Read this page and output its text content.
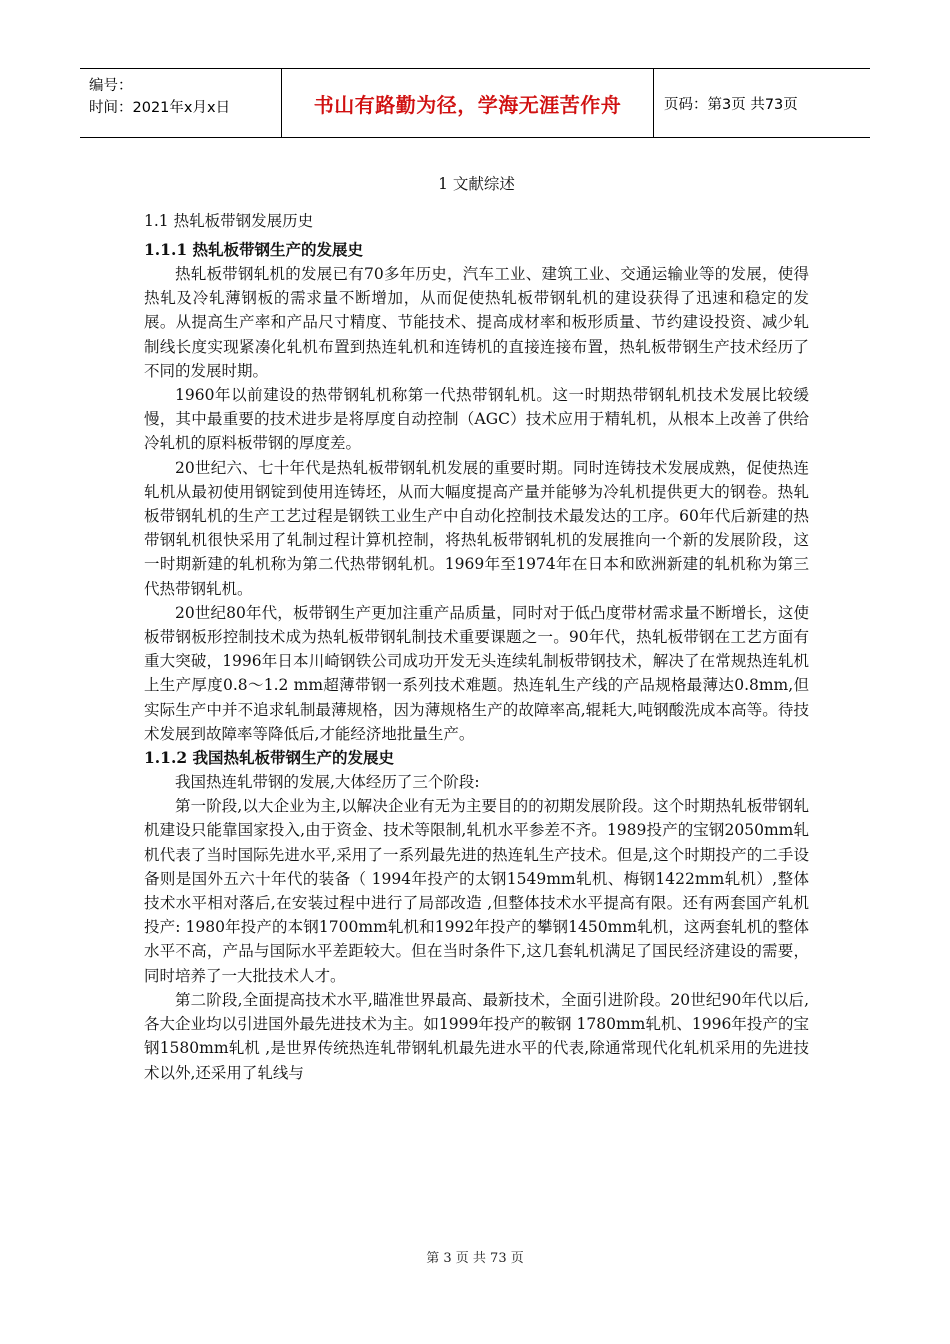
编号：
时间：2021年x月x日	书山有路勤为径，学海无涯苦作舟	页码：第3页 共73页
1 文献综述
1.1 热轧板带钢发展历史
1.1.1 热轧板带钢生产的发展史

热轧板带钢轧机的发展已有70多年历史，汽车工业、建筑工业、交通运输业等的发展，使得热轧及冷轧薄钢板的需求量不断增加，从而促使热轧板带钢轧机的建设获得了迅速和稳定的发展。从提高生产率和产品尺寸精度、节能技术、提高成材率和板形质量、节约建设投资、减少轧制线长度实现紧凑化轧机布置到热连轧机和连铸机的直接连接布置，热轧板带钢生产技术经历了不同的发展时期。

1960年以前建设的热带钢轧机称第一代热带钢轧机。这一时期热带钢轧机技术发展比较缓慢，其中最重要的技术进步是将厚度自动控制（AGC）技术应用于精轧机，从根本上改善了供给冷轧机的原料板带钢的厚度差。

20世纪六、七十年代是热轧板带钢轧机发展的重要时期。同时连铸技术发展成熟，促使热连轧机从最初使用钢锭到使用连铸坯，从而大幅度提高产量并能够为冷轧机提供更大的钢卷。热轧板带钢轧机的生产工艺过程是钢铁工业生产中自动化控制技术最发达的工序。60年代后新建的热带钢轧机很快采用了轧制过程计算机控制，将热轧板带钢轧机的发展推向一个新的发展阶段，这一时期新建的轧机称为第二代热带钢轧机。1969年至1974年在日本和欧洲新建的轧机称为第三代热带钢轧机。

20世纪80年代，板带钢生产更加注重产品质量，同时对于低凸度带材需求量不断增长，这使板带钢板形控制技术成为热轧板带钢轧制技术重要课题之一。90年代，热轧板带钢在工艺方面有重大突破，1996年日本川崎钢铁公司成功开发无头连续轧制板带钢技术，解决了在常规热连轧机上生产厚度0.8～1.2 mm超薄带钢一系列技术难题。热连轧生产线的产品规格最薄达0.8mm,但实际生产中并不追求轧制最薄规格，因为薄规格生产的故障率高,辊耗大,吨钢酸洗成本高等。待技术发展到故障率等降低后,才能经济地批量生产。

1.1.2 我国热轧板带钢生产的发展史

我国热连轧带钢的发展,大体经历了三个阶段:

第一阶段,以大企业为主,以解决企业有无为主要目的的初期发展阶段。这个时期热轧板带钢轧机建设只能靠国家投入,由于资金、技术等限制,轧机水平参差不齐。1989投产的宝钢2050mm轧机代表了当时国际先进水平,采用了一系列最先进的热连轧生产技术。但是,这个时期投产的二手设备则是国外五六十年代的装备（ 1994年投产的太钢1549mm轧机、梅钢1422mm轧机）,整体技术水平相对落后,在安装过程中进行了局部改造 ,但整体技术水平提高有限。还有两套国产轧机投产: 1980年投产的本钢1700mm轧机和1992年投产的攀钢1450mm轧机，这两套轧机的整体水平不高，产品与国际水平差距较大。但在当时条件下,这几套轧机满足了国民经济建设的需要，同时培养了一大批技术人才。

第二阶段,全面提高技术水平,瞄准世界最高、最新技术，全面引进阶段。20世纪90年代以后,各大企业均以引进国外最先进技术为主。如1999年投产的鞍钢 1780mm轧机、1996年投产的宝钢1580mm轧机 ,是世界传统热连轧带钢轧机最先进水平的代表,除通常现代化轧机采用的先进技术以外,还采用了轧线与

第 3 页 共 73 页
